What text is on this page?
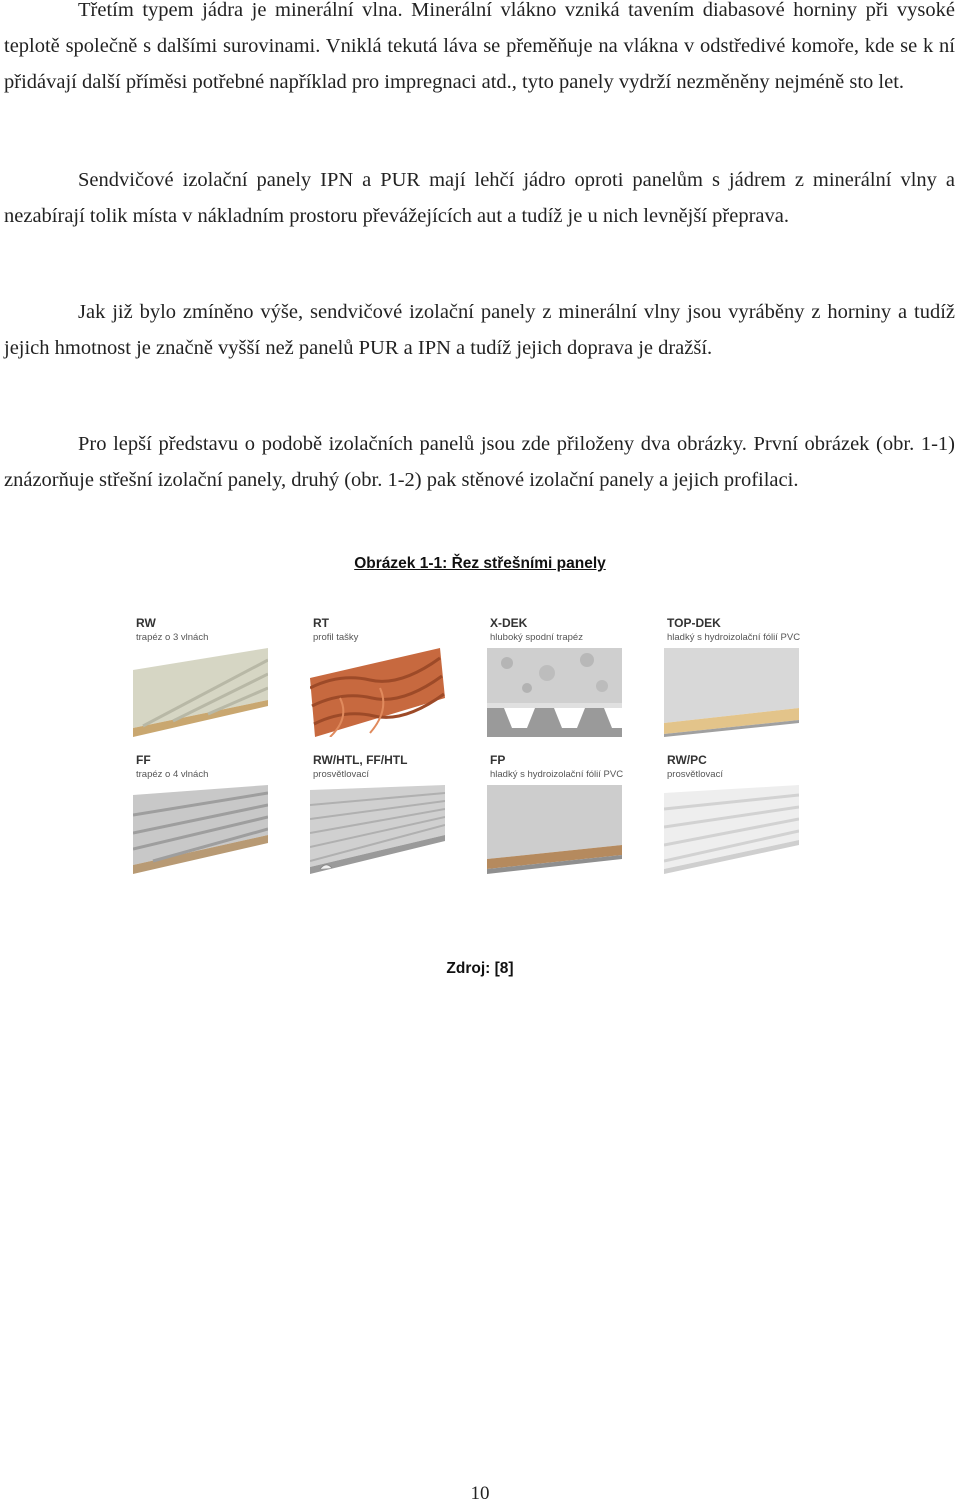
Třetím typem jádra je minerální vlna. Minerální vlákno vzniká tavením diabasové horniny při vysoké teplotě společně s dalšími surovinami. Vniklá tekutá láva se přeměňuje na vlákna v odstředivé komoře, kde se k ní přidávají další příměsi potřebné například pro impregnaci atd., tyto panely vydrží nezměněny nejméně sto let.

Sendvičové izolační panely IPN a PUR mají lehčí jádro oproti panelům s jádrem z minerální vlny a nezabírají tolik místa v nákladním prostoru převážejících aut a tudíž je u nich levnější přeprava.

Jak již bylo zmíněno výše, sendvičové izolační panely z minerální vlny jsou vyráběny z horniny a tudíž jejich hmotnost je značně vyšší než panelů PUR a IPN a tudíž jejich doprava je dražší.

Pro lepší představu o podobě izolačních panelů jsou zde přiloženy dva obrázky. První obrázek (obr. 1-1) znázorňuje střešní izolační panely, druhý (obr. 1-2) pak stěnové izolační panely a jejich profilaci.

Obrázek 1-1: Řez střešními panely
RW
trapéz o 3 vlnách
RT
profil tašky
X-DEK
hluboký spodní trapéz
TOP-DEK
hladký s hydroizolační fólií PVC
FF
trapéz o 4 vlnách
RW/HTL, FF/HTL
prosvětlovací
FP
hladký s hydroizolační fólií PVC
RW/PC
prosvětlovací
Zdroj: [8]
10
